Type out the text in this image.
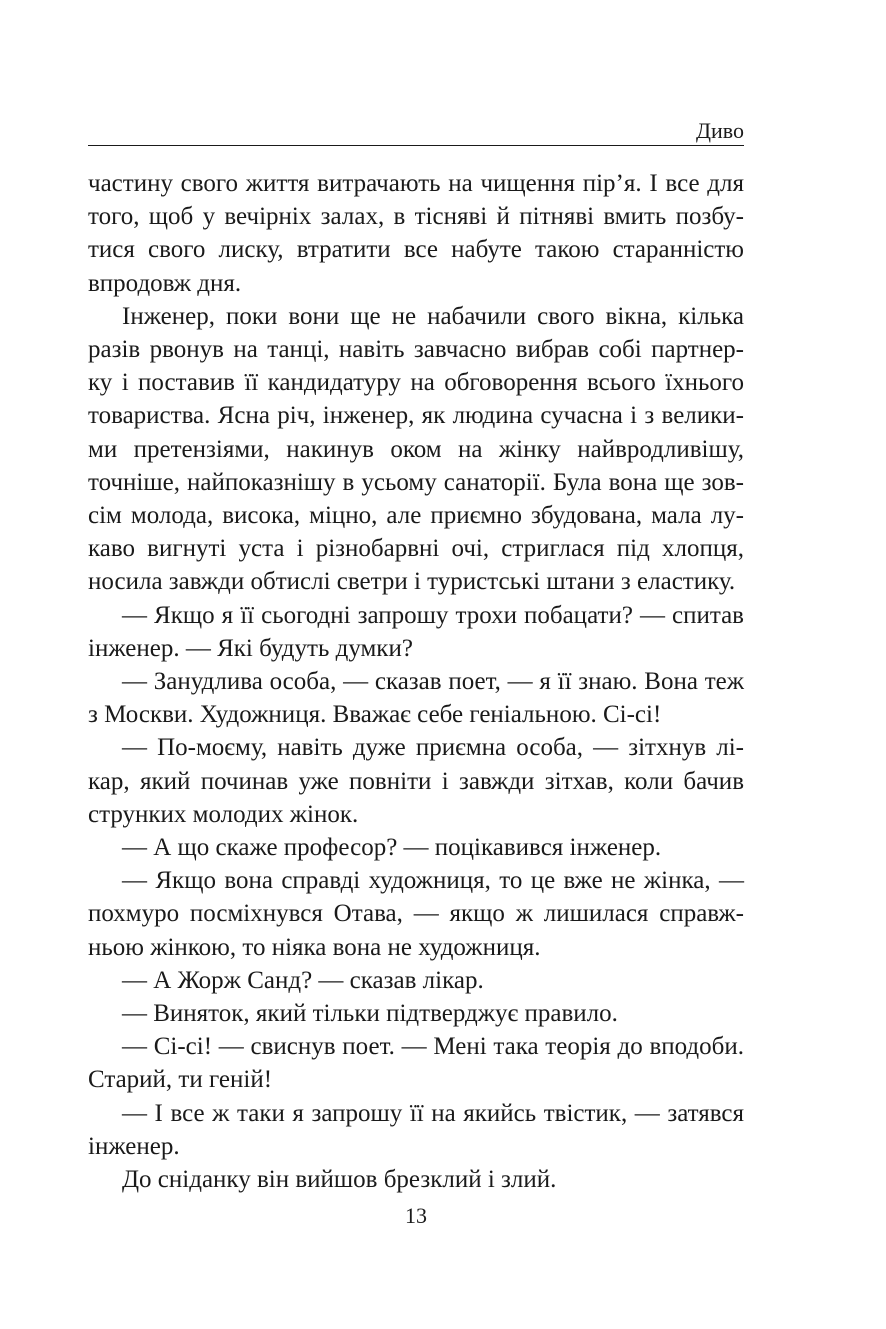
Диво

частину свого життя витрачають на чищення пір’я. І все для
того, щоб у вечірніх залах, в тісняві й пітняві вмить позбу-
тися свого лиску, втратити все набуте такою старанністю
впродовж дня.

Інженер, поки вони ще не набачили свого вікна, кілька
разів рвонув на танці, навіть завчасно вибрав собі партнер-
ку і поставив її кандидатуру на обговорення всього їхнього
товариства. Ясна річ, інженер, як людина сучасна і з велики-
ми претензіями, накинув оком на жінку найвродливішу,
точніше, найпоказнішу в усьому санаторії. Була вона ще зов-
сім молода, висока, міцно, але приємно збудована, мала лу-
каво вигнуті уста і різнобарвні очі, стриглася під хлопця,
носила завжди обтислі светри і туристські штани з еластику.

— Якщо я її сьогодні запрошу трохи побацати? — спитав
інженер. — Які будуть думки?

— Занудлива особа, — сказав поет, — я її знаю. Вона теж
з Москви. Художниця. Вважає себе геніальною. Сі-сі!

— По-моєму, навіть дуже приємна особа, — зітхнув лі-
кар, який починав уже повніти і завжди зітхав, коли бачив
струнких молодих жінок.

— А що скаже професор? — поцікавився інженер.

— Якщо вона справді художниця, то це вже не жінка, —
похмуро посміхнувся Отава, — якщо ж лишилася справж-
ньою жінкою, то ніяка вона не художниця.

— А Жорж Санд? — сказав лікар.

— Виняток, який тільки підтверджує правило.

— Сі-сі! — свиснув поет. — Мені така теорія до вподоби.
Старий, ти геній!

— І все ж таки я запрошу її на якийсь твістик, — затявся
інженер.

До сніданку він вийшов брезклий і злий.

13
